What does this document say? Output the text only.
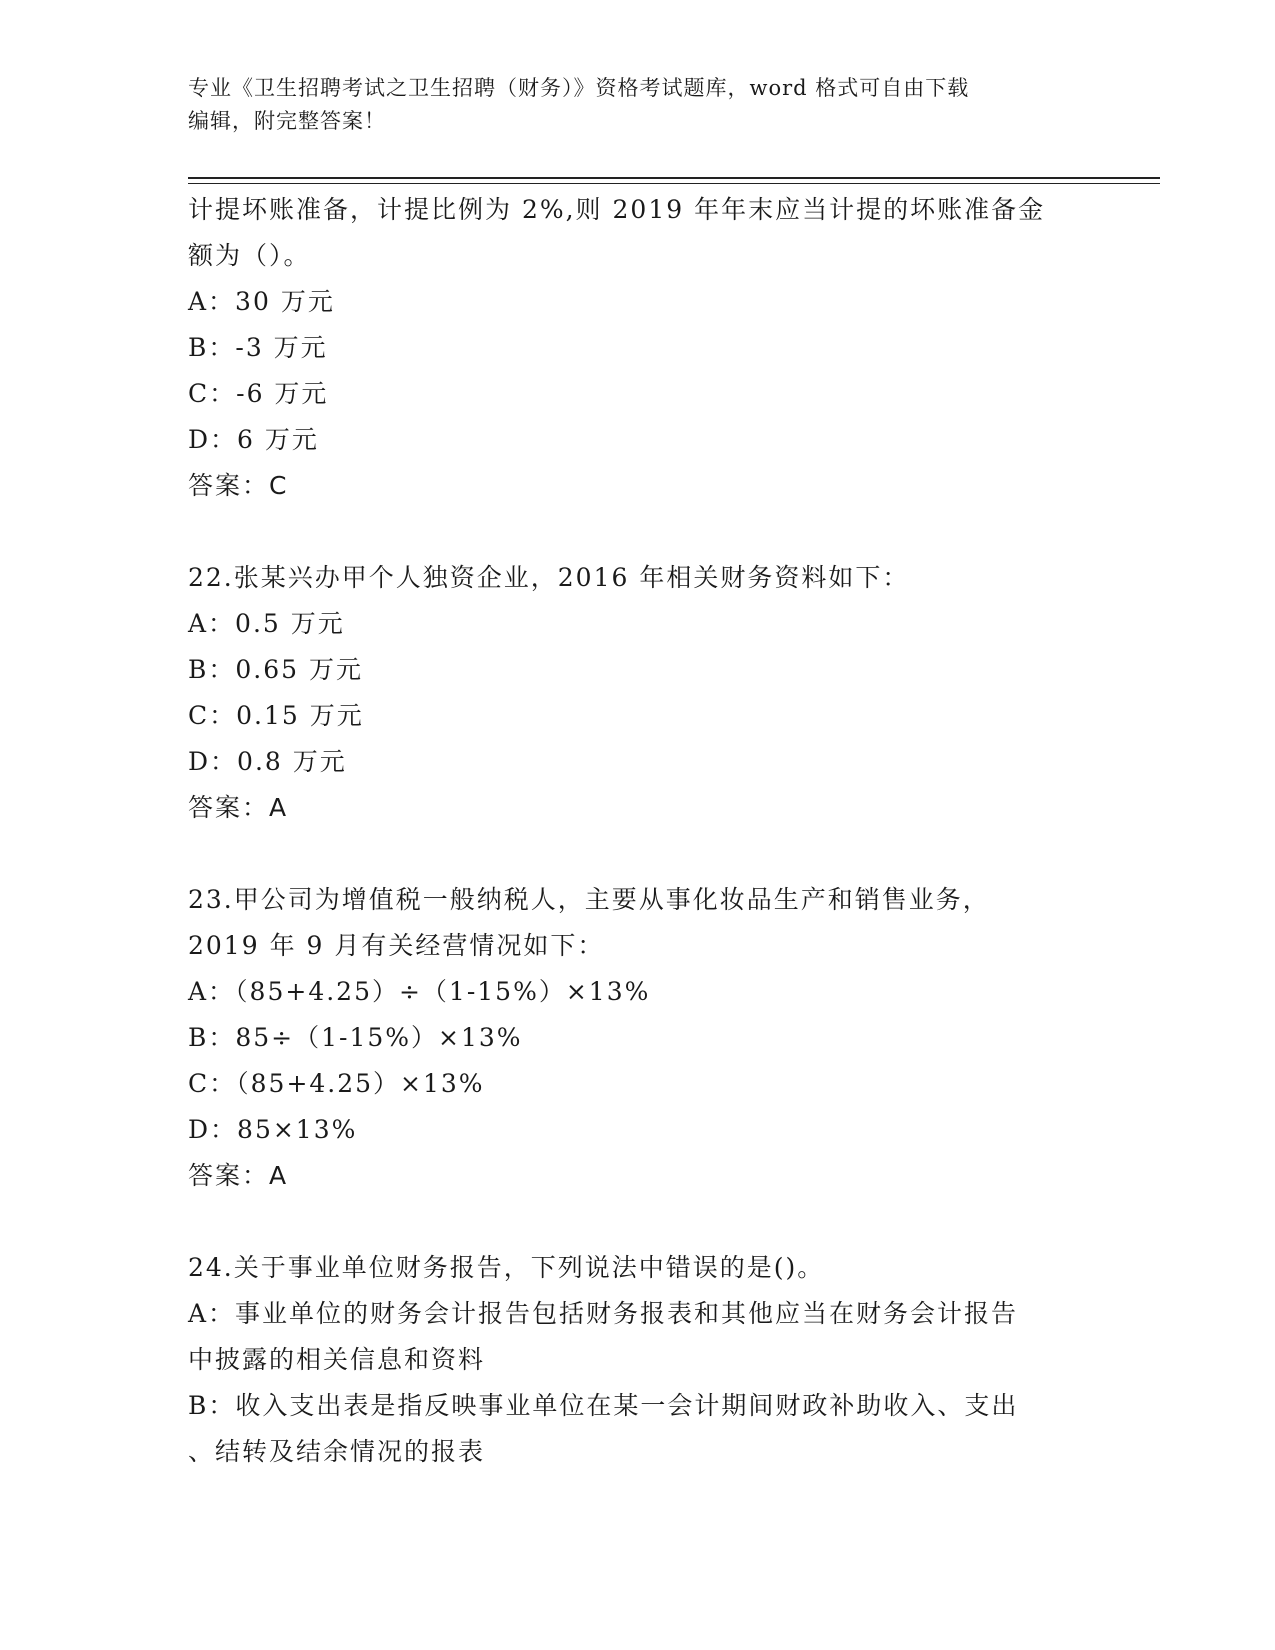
专业《卫生招聘考试之卫生招聘（财务）》资格考试题库，word 格式可自由下载
编辑，附完整答案！
计提坏账准备，计提比例为 2%,则 2019 年年末应当计提的坏账准备金
额为（）。
A：30 万元
B：-3 万元
C：-6 万元
D：6 万元
答案：C
22.张某兴办甲个人独资企业，2016 年相关财务资料如下：
A：0.5 万元
B：0.65 万元
C：0.15 万元
D：0.8 万元
答案：A
23.甲公司为增值税一般纳税人，主要从事化妆品生产和销售业务，
2019 年 9 月有关经营情况如下：
A：（85+4.25）÷（1-15%）×13%
B：85÷（1-15%）×13%
C：（85+4.25）×13%
D：85×13%
答案：A
24.关于事业单位财务报告，下列说法中错误的是()。
A：事业单位的财务会计报告包括财务报表和其他应当在财务会计报告
中披露的相关信息和资料
B：收入支出表是指反映事业单位在某一会计期间财政补助收入、支出
、结转及结余情况的报表
